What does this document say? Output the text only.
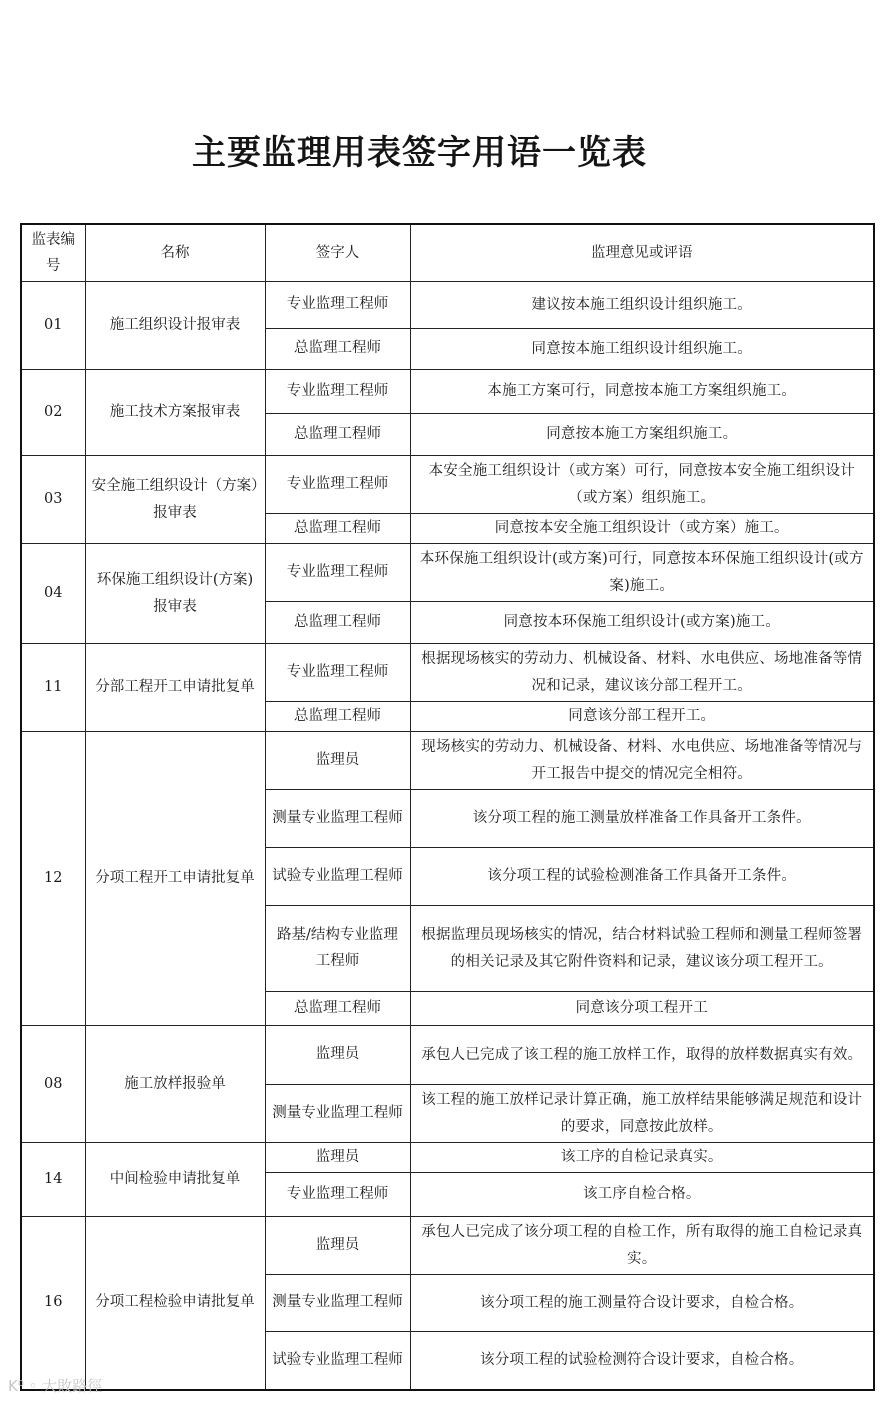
主要监理用表签字用语一览表
监表编号	名称	签字人	监理意见或评语
01	施工组织设计报审表	专业监理工程师	建议按本施工组织设计组织施工。
		总监理工程师	同意按本施工组织设计组织施工。
02	施工技术方案报审表	专业监理工程师	本施工方案可行，同意按本施工方案组织施工。
		总监理工程师	同意按本施工方案组织施工。
03	安全施工组织设计（方案）报审表	专业监理工程师	本安全施工组织设计（或方案）可行，同意按本安全施工组织设计（或方案）组织施工。
		总监理工程师	同意按本安全施工组织设计（或方案）施工。
04	环保施工组织设计(方案)报审表	专业监理工程师	本环保施工组织设计(或方案)可行，同意按本环保施工组织设计(或方案)施工。
		总监理工程师	同意按本环保施工组织设计(或方案)施工。
11	分部工程开工申请批复单	专业监理工程师	根据现场核实的劳动力、机械设备、材料、水电供应、场地准备等情况和记录，建议该分部工程开工。
		总监理工程师	同意该分部工程开工。
12	分项工程开工申请批复单	监理员	现场核实的劳动力、机械设备、材料、水电供应、场地准备等情况与开工报告中提交的情况完全相符。
		测量专业监理工程师	该分项工程的施工测量放样准备工作具备开工条件。
		试验专业监理工程师	该分项工程的试验检测准备工作具备开工条件。
		路基/结构专业监理工程师	根据监理员现场核实的情况，结合材料试验工程师和测量工程师签署的相关记录及其它附件资料和记录，建议该分项工程开工。
		总监理工程师	同意该分项工程开工
08	施工放样报验单	监理员	承包人已完成了该工程的施工放样工作，取得的放样数据真实有效。
		测量专业监理工程师	该工程的施工放样记录计算正确，施工放样结果能够满足规范和设计的要求，同意按此放样。
14	中间检验申请批复单	监理员	该工序的自检记录真实。
		专业监理工程师	该工序自检合格。
16	分项工程检验申请批复单	监理员	承包人已完成了该分项工程的自检工作，所有取得的施工自检记录真实。
		测量专业监理工程师	该分项工程的施工测量符合设计要求，自检合格。
		试验专业监理工程师	该分项工程的试验检测符合设计要求，自检合格。
K⁰ ◦ 大敗路徑
